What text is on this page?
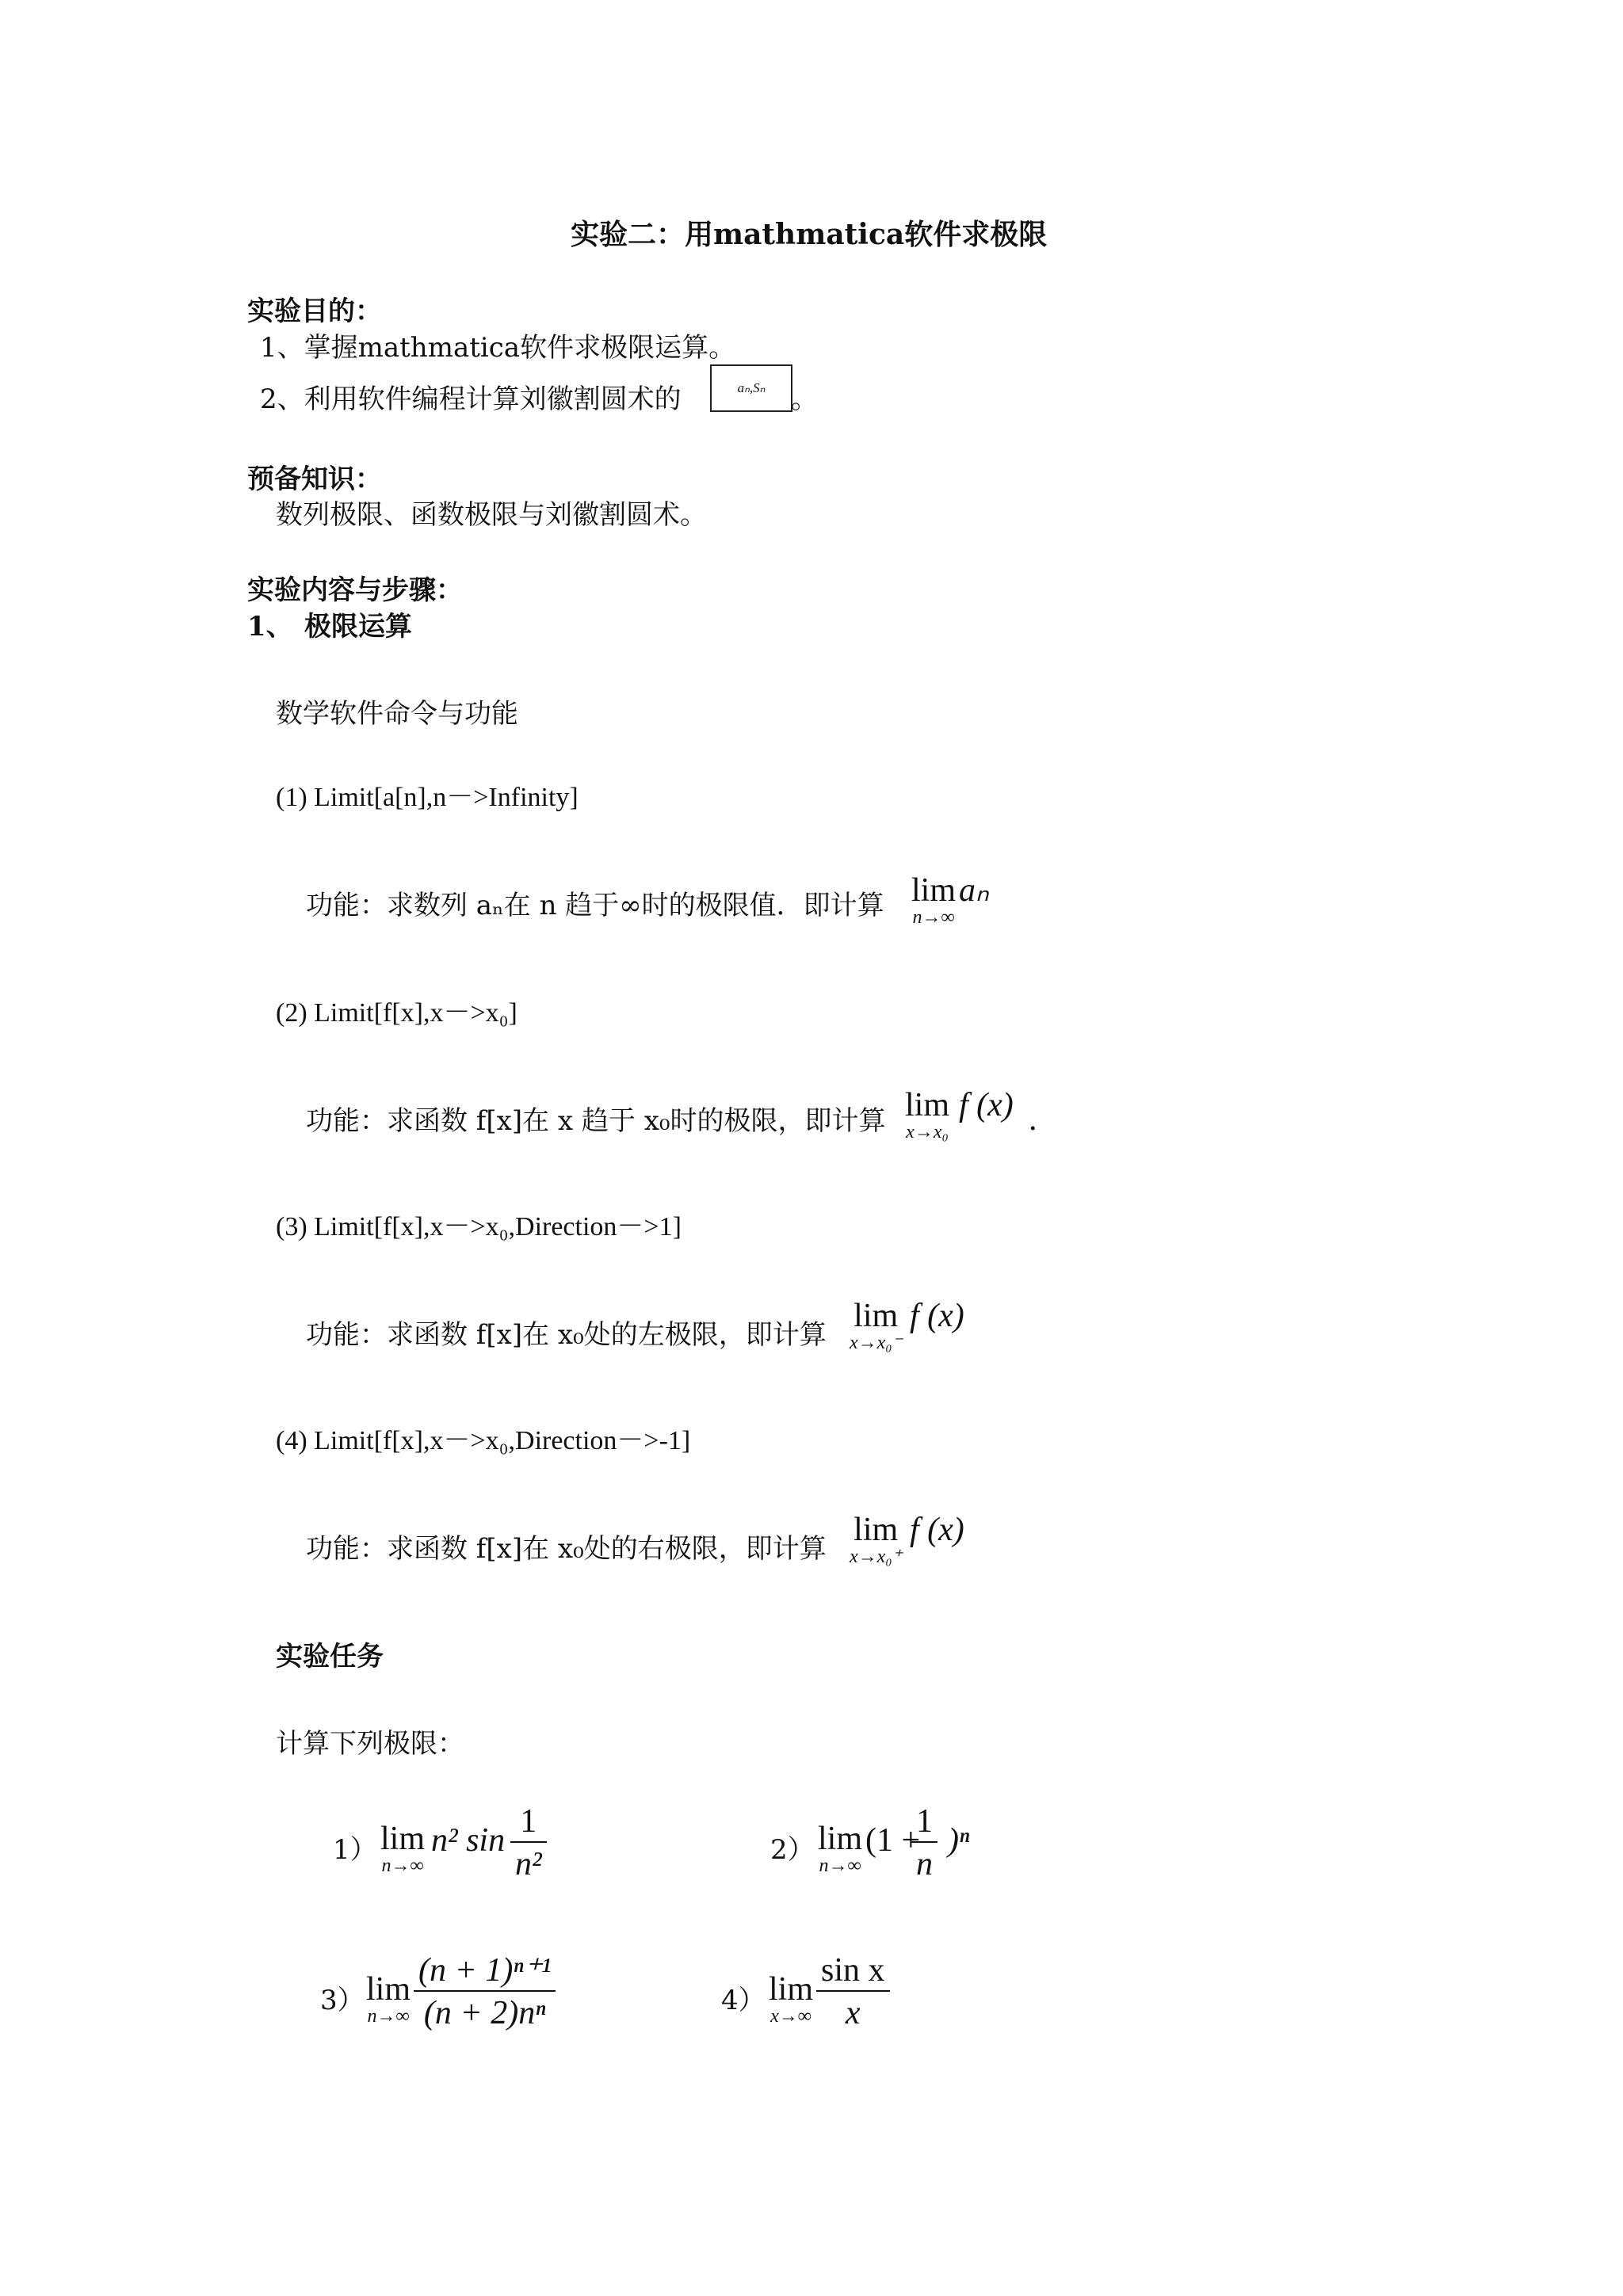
实验二：用mathmatica软件求极限
实验目的：
1、掌握mathmatica软件求极限运算。
2、利用软件编程计算刘徽割圆术的	aₙ,Sₙ 。
预备知识：
数列极限、函数极限与刘徽割圆术。
实验内容与步骤：
1、 极限运算
数学软件命令与功能
(1) Limit[a[n],n－>Infinity]
功能：求数列 aₙ在 n 趋于∞时的极限值．即计算 lim
n→∞
aₙ
(2) Limit[f[x],x－>x₀]
功能：求函数 f[x]在 x 趋于 x₀时的极限，即计算 lim
x→x₀
f (x) .
(3) Limit[f[x],x－>x₀,Direction－>1]
功能：求函数 f[x]在 x₀处的左极限，即计算
lim
x→x₀⁻
f (x)
(4) Limit[f[x],x－>x₀,Direction－>-1]
功能：求函数 f[x]在 x₀处的右极限，即计算
lim
x→x₀⁺
f (x)
实验任务
计算下列极限：
1） lim
n→∞
n² $\sin \frac{1}{\text{n²}}$	2） lim
n→∞
(1 +
$\frac{1}{n} )^n$
3） lim
$n\to\infty \frac{\text{(n + 1)ⁿ⁺¹}}{\text{(n + 2)nⁿ}}$	4） lim
$x\to\infty \frac{\text{sin x}}{x}$
